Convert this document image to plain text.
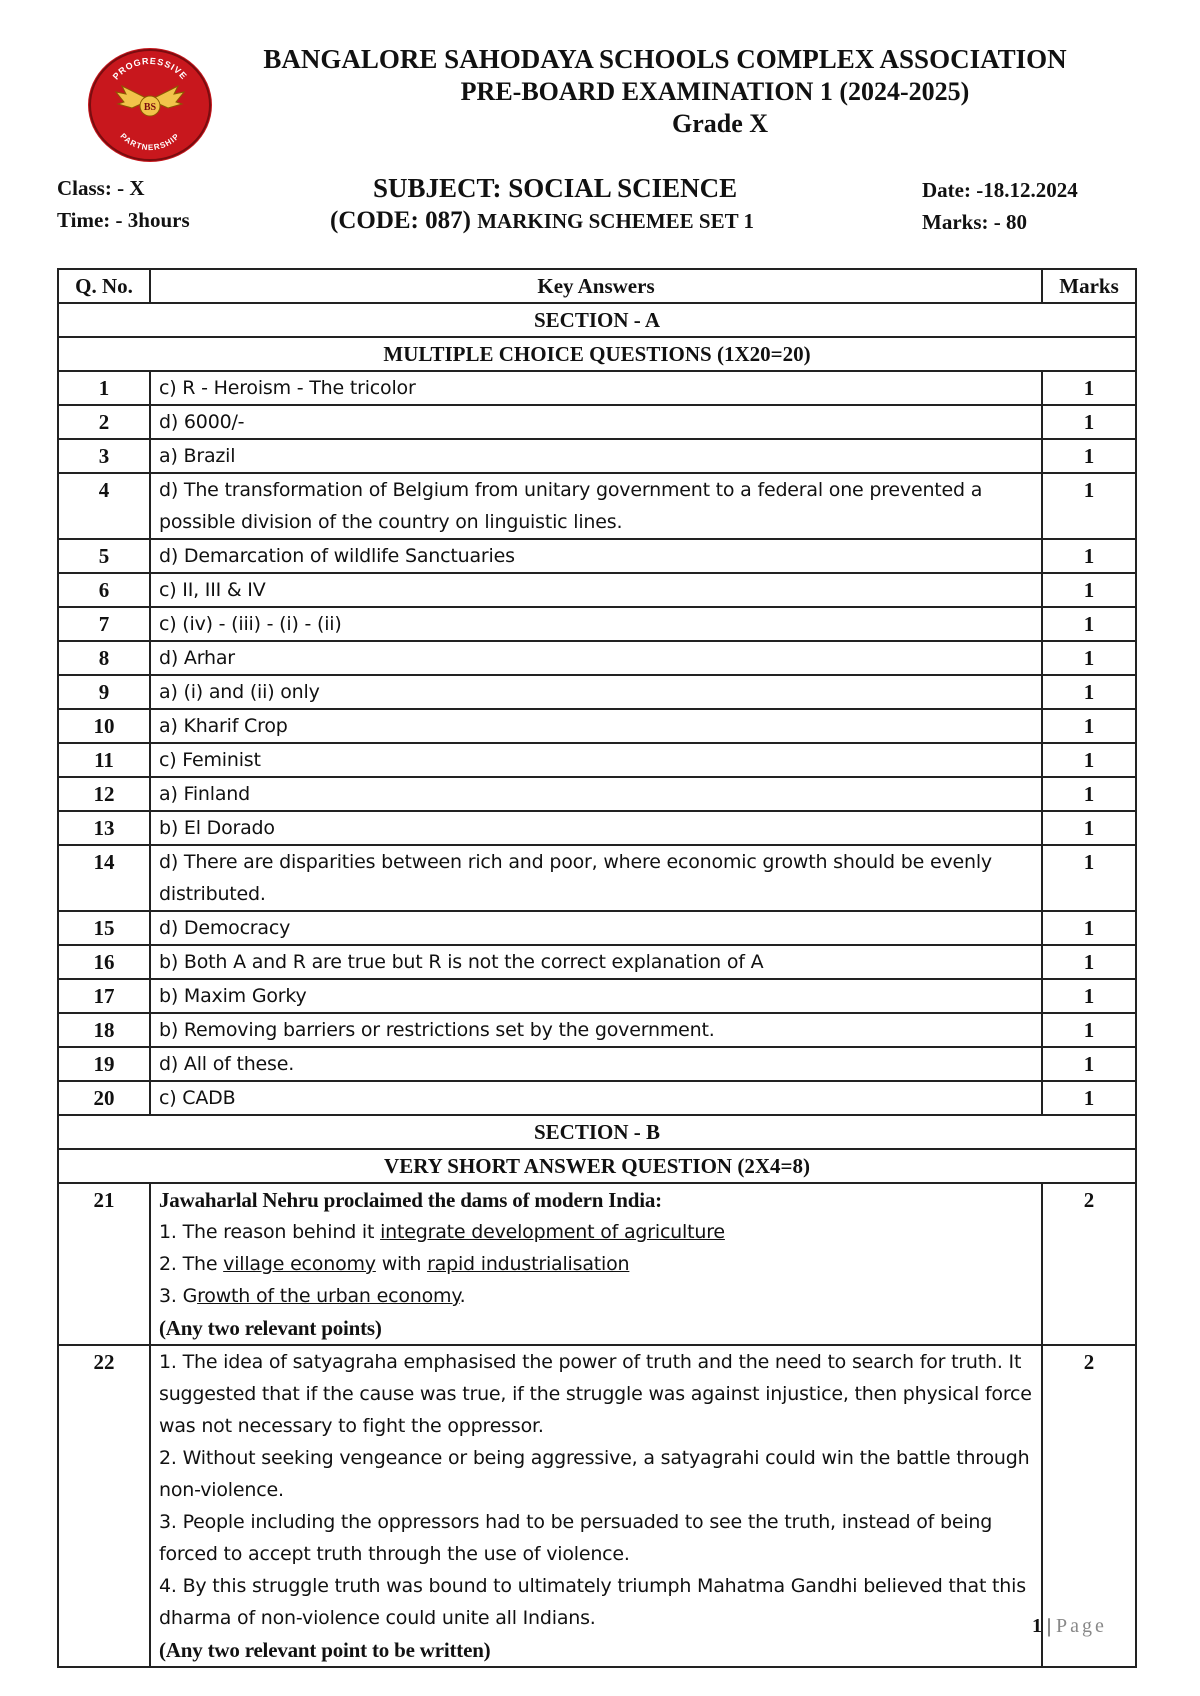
PROGRESSIVE
PARTNERSHIP
BS
BANGALORE SAHODAYA SCHOOLS COMPLEX ASSOCIATION
PRE-BOARD EXAMINATION 1 (2024-2025)
Grade X
Class: - X
Time: - 3hours
SUBJECT: SOCIAL SCIENCE
(CODE: 087) MARKING SCHEMEE SET 1
Date: -18.12.2024
Marks: - 80
Q. No.	Key Answers	Marks
SECTION - A		
MULTIPLE CHOICE QUESTIONS (1X20=20)		
1	c) R - Heroism - The tricolor	1
2	d) 6000/-	1
3	a) Brazil	1
4	d) The transformation of Belgium from unitary government to a federal one prevented a possible division of the country on linguistic lines.	1
5	d) Demarcation of wildlife Sanctuaries	1
6	c) II, III & IV	1
7	c) (iv) - (iii) - (i) - (ii)	1
8	d) Arhar	1
9	a) (i) and (ii) only	1
10	a) Kharif Crop	1
11	c) Feminist	1
12	a) Finland	1
13	b) El Dorado	1
14	d) There are disparities between rich and poor, where economic growth should be evenly distributed.	1
15	d) Democracy	1
16	b) Both A and R are true but R is not the correct explanation of A	1
17	b) Maxim Gorky	1
18	b) Removing barriers or restrictions set by the government.	1
19	d) All of these.	1
20	c) CADB	1
SECTION - B		
VERY SHORT ANSWER QUESTION (2X4=8)		
21	Jawaharlal Nehru proclaimed the dams of modern India:
1. The reason behind it integrate development of agriculture
2. The village economy with rapid industrialisation
3. Growth of the urban economy.
(Any two relevant points)	2
22	1. The idea of satyagraha emphasised the power of truth and the need to search for truth. It suggested that if the cause was true, if the struggle was against injustice, then physical force was not necessary to fight the oppressor.
2. Without seeking vengeance or being aggressive, a satyagrahi could win the battle through non-violence.
3. People including the oppressors had to be persuaded to see the truth, instead of being forced to accept truth through the use of violence.
4. By this struggle truth was bound to ultimately triumph Mahatma Gandhi believed that this dharma of non-violence could unite all Indians.
(Any two relevant point to be written)	2
1 | Page
